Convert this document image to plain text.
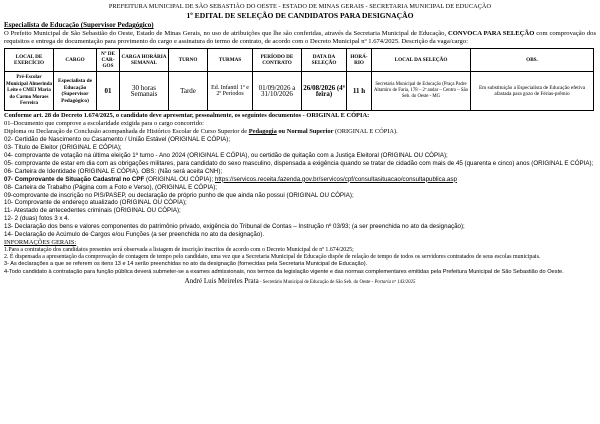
PREFEITURA MUNICIPAL DE SÃO SEBASTIÃO DO OESTE - ESTADO DE MINAS GERAIS - SECRETARIA MUNICIPAL DE EDUCAÇÃO
1º EDITAL DE SELEÇÃO DE CANDIDATOS PARA DESIGNAÇÃO
Especialista de Educação (Supervisor Pedagógico)
O Prefeito Municipal de São Sebastião do Oeste, Estado de Minas Gerais, no uso de atribuições que lhe são conferidas, através da Secretaria Municipal de Educação, CONVOCA PARA SELEÇÃO com comprovação dos requisitos e entrega de documentação para provimento do cargo e assinatura do termo de contrato, de acordo com o Decreto Municipal nº 1.674/2025. Descrição da vaga/cargo:
LOCAL DE EXERCÍCIO	CARGO	Nº DE CAR-GOS	CARGA HORÁRIA SEMANAL	TURNO	TURMAS	PERÍODO DE CONTRATO	DATA DA SELEÇÃO	HORÁ-RIO	LOCAL DA SELEÇÃO	OBS.
Pré-Escolar Municipal Almerinda Leite e CMEI Maria do Carmo Moraes Ferreira	Especialista de Educação (Supervisor Pedagógico)	01	30 horas Semanais	Tarde	Ed. Infantil 1º e 2º Períodos	01/09/2026 a 31/10/2026	26/08/2026 (4ª feira)	11 h	Secretaria Municipal de Educação (Praça Padre Altamiro de Faria, 178 – 2º andar – Centro – São Seb. do Oeste - MG	Em substituição a Especialista de Educação efetiva afastada para gozo de Férias-prêmio
Conforme art. 28 do Decreto 1.674/2025, o candidato deve apresentar, pessoalmente, os seguintes documentos - ORIGINAL E CÓPIA:
01–Documento que comprove a escolaridade exigida para o cargo concorrido:
Diploma ou Declaração de Conclusão acompanhada de Histórico Escolar de Curso Superior de Pedagogia ou Normal Superior (ORIGINAL E CÓPIA).
02- Certidão de Nascimento ou Casamento / União Estável (ORIGINAL E CÓPIA);
03- Título de Eleitor (ORIGINAL E CÓPIA);
04- comprovante de votação na última eleição 1º turno - Ano 2024 (ORIGINAL E CÓPIA), ou certidão de quitação com a Justiça Eleitoral (ORIGINAL OU CÓPIA);
05- comprovante de estar em dia com as obrigações militares, para candidato do sexo masculino, dispensada a exigência quando se tratar de cidadão com mais de 45 (quarenta e cinco) anos (ORIGINAL E CÓPIA);
06- Carteira de Identidade (ORIGINAL E CÓPIA). OBS: (Não será aceita CNH);
07- Comprovante de Situação Cadastral no CPF (ORIGINAL OU CÓPIA); https://servicos.receita.fazenda.gov.br/servicos/cpf/consultasituacao/consultapublica.asp
08- Carteira de Trabalho (Página com a Foto e Verso), (ORIGINAL E CÓPIA);
09-comprovante de inscrição no PIS/PASEP, ou declaração de próprio punho de que ainda não possui (ORIGINAL OU CÓPIA);
10- Comprovante de endereço atualizado (ORIGINAL OU CÓPIA);
11- Atestado de antecedentes criminais (ORIGINAL OU CÓPIA);
12- 2 (duas) fotos 3 x 4.
13- Declaração dos bens e valores componentes do patrimônio privado, exigência do Tribunal de Contas – Instrução nº 03/93; (a ser preenchida no ato da designação);
14- Declaração de Acúmulo de Cargos e/ou Funções (a ser preenchida no ato da designação).
INFORMAÇÕES GERAIS:
1.Para a contratação dos candidatos presentes será observada a listagem de inscrição inscritos de acordo com o Decreto Municipal de nº 1.674/2025;
2. É dispensada a apresentação da comprovação de contagem de tempo pelo candidato, uma vez que a Secretaria Municipal de Educação dispõe de relação de tempo de todos os servidores contratados de seus escolas municipais.
3- As declarações a que se referem os itens 13 e 14 serão preenchidas no ato da designação (fornecidas pela Secretaria Municipal de Educação).
4-Todo candidato à contratação para função pública deverá submeter-se a exames admissionais, nos termos da legislação vigente e das normas complementares emitidas pela Prefeitura Municipal de São Sebastião do Oeste.
André Luis Meireles Prata - Secretário Municipal de Educação de São Seb. do Oeste - Portaria nº 143/2025
